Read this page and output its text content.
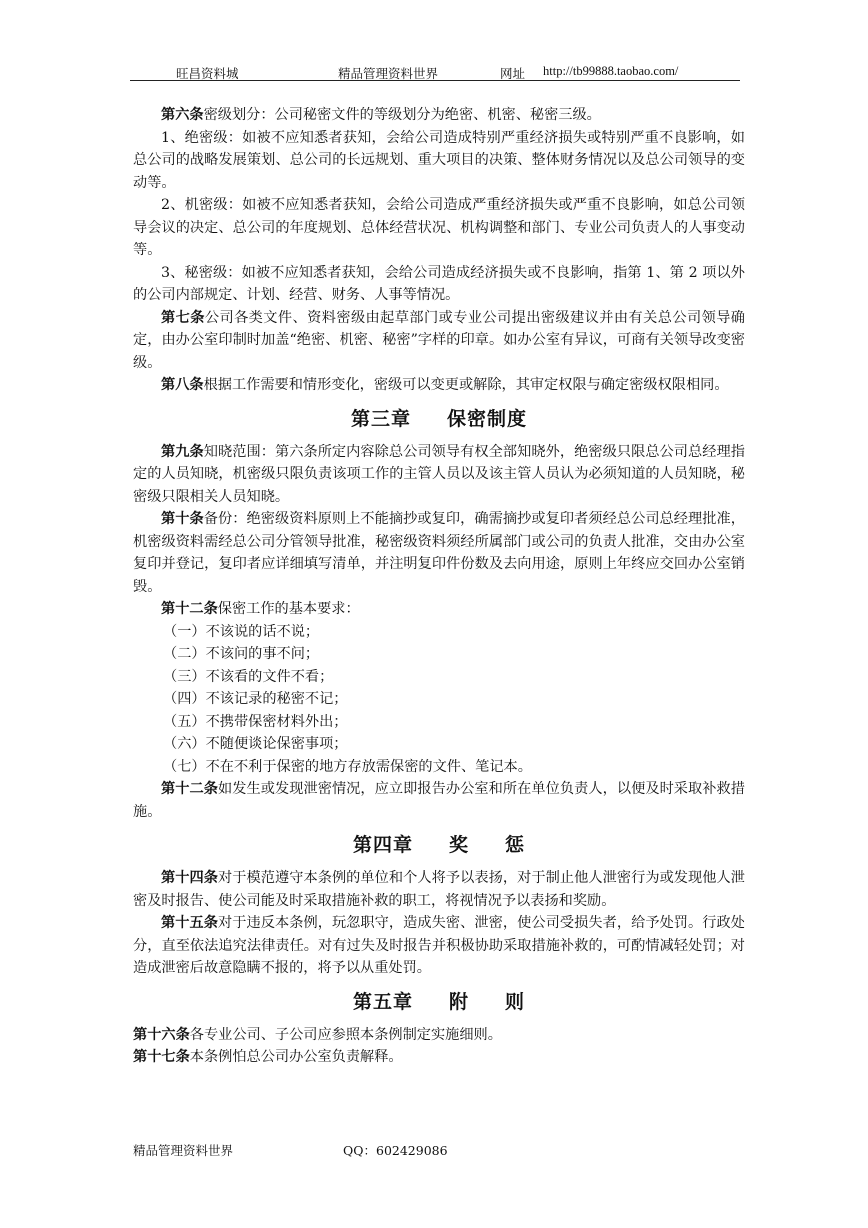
旺昌资料城	精品管理资料世界	网址 http://tb99888.taobao.com/

第六条密级划分：公司秘密文件的等级划分为绝密、机密、秘密三级。

1、绝密级：如被不应知悉者获知，会给公司造成特别严重经济损失或特别严重不良影响，如总公司的战略发展策划、总公司的长远规划、重大项目的决策、整体财务情况以及总公司领导的变动等。

2、机密级：如被不应知悉者获知，会给公司造成严重经济损失或严重不良影响，如总公司领导会议的决定、总公司的年度规划、总体经营状况、机构调整和部门、专业公司负责人的人事变动等。

3、秘密级：如被不应知悉者获知，会给公司造成经济损失或不良影响，指第 1、第 2 项以外的公司内部规定、计划、经营、财务、人事等情况。

第七条公司各类文件、资料密级由起草部门或专业公司提出密级建议并由有关总公司领导确定，由办公室印制时加盖“绝密、机密、秘密”字样的印章。如办公室有异议，可商有关领导改变密级。

第八条根据工作需要和情形变化，密级可以变更或解除，其审定权限与确定密级权限相同。

第三章 保密制度

第九条知晓范围：第六条所定内容除总公司领导有权全部知晓外，绝密级只限总公司总经理指定的人员知晓，机密级只限负责该项工作的主管人员以及该主管人员认为必须知道的人员知晓，秘密级只限相关人员知晓。

第十条备份：绝密级资料原则上不能摘抄或复印，确需摘抄或复印者须经总公司总经理批准，机密级资料需经总公司分管领导批准，秘密级资料须经所属部门或公司的负责人批准，交由办公室复印并登记，复印者应详细填写清单，并注明复印件份数及去向用途，原则上年终应交回办公室销毁。

第十二条保密工作的基本要求：

（一）不该说的话不说；

（二）不该问的事不问；

（三）不该看的文件不看；

（四）不该记录的秘密不记；

（五）不携带保密材料外出；

（六）不随便谈论保密事项；

（七）不在不利于保密的地方存放需保密的文件、笔记本。

第十二条如发生或发现泄密情况，应立即报告办公室和所在单位负责人，以便及时采取补救措施。

第四章 奖 惩

第十四条对于模范遵守本条例的单位和个人将予以表扬，对于制止他人泄密行为或发现他人泄密及时报告、使公司能及时采取措施补救的职工，将视情况予以表扬和奖励。

第十五条对于违反本条例，玩忽职守，造成失密、泄密，使公司受损失者，给予处罚。行政处分，直至依法追究法律责任。对有过失及时报告并积极协助采取措施补救的，可酌情减轻处罚；对造成泄密后故意隐瞒不报的，将予以从重处罚。

第五章 附 则

第十六条各专业公司、子公司应参照本条例制定实施细则。

第十七条本条例怕总公司办公室负责解释。

精品管理资料世界	QQ：602429086
